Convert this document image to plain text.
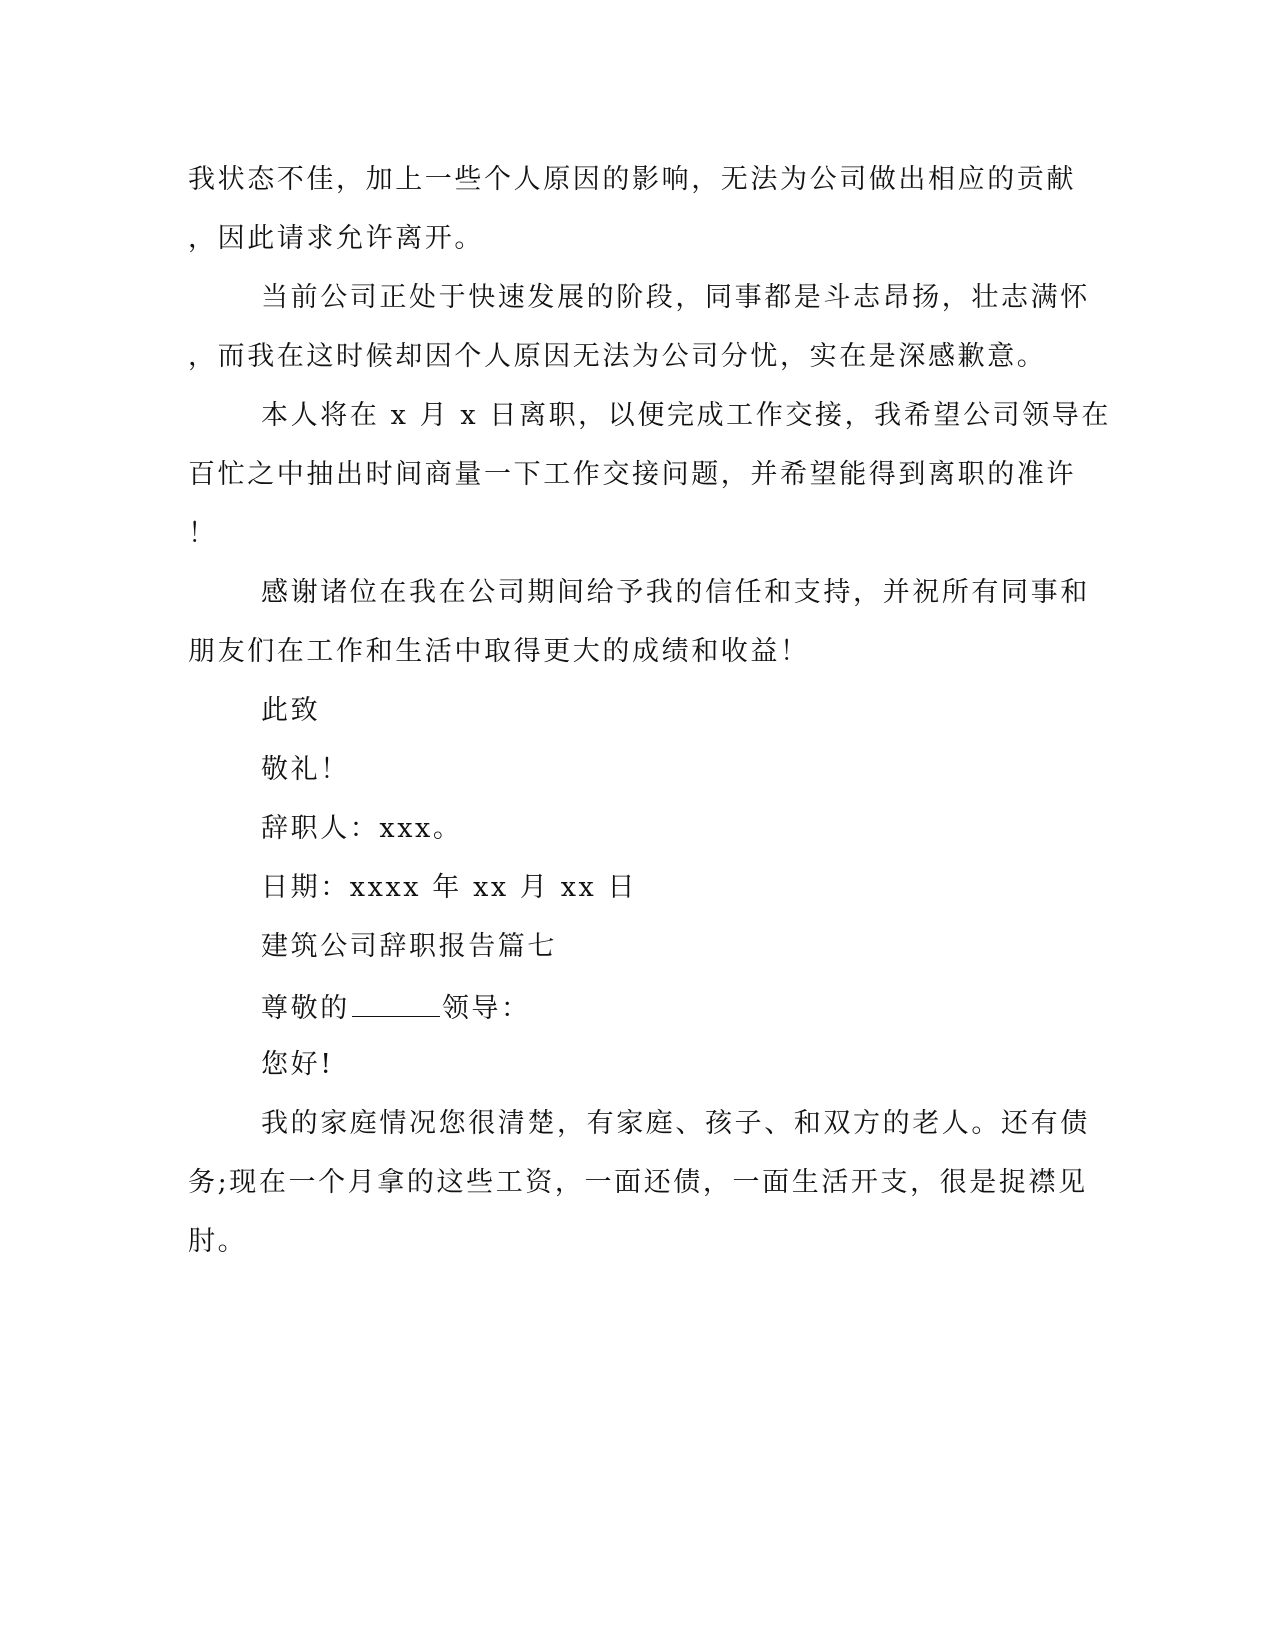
我状态不佳，加上一些个人原因的影响，无法为公司做出相应的贡献
，因此请求允许离开。
当前公司正处于快速发展的阶段，同事都是斗志昂扬，壮志满怀
，而我在这时候却因个人原因无法为公司分忧，实在是深感歉意。
本人将在 x 月 x 日离职，以便完成工作交接，我希望公司领导在
百忙之中抽出时间商量一下工作交接问题，并希望能得到离职的准许
！
感谢诸位在我在公司期间给予我的信任和支持，并祝所有同事和
朋友们在工作和生活中取得更大的成绩和收益！
此致
敬礼！
辞职人：xxx。
日期：xxxx 年 xx 月 xx 日
建筑公司辞职报告篇七
尊敬的	领导：
您好!
我的家庭情况您很清楚，有家庭、孩子、和双方的老人。还有债
务;现在一个月拿的这些工资，一面还债，一面生活开支，很是捉襟见
肘。
